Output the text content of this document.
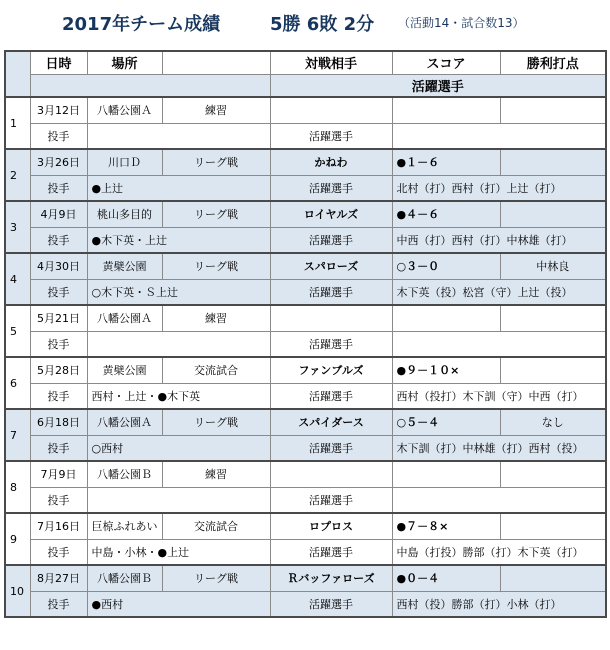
2017年チーム成績	5勝 6敗 2分 （活動14・試合数13）
	日時	場所		対戦相手	スコア	勝利打点
				活躍選手		
1	3月12日	八幡公園Ａ	練習			
	投手			活躍選手		
2	3月26日	川口Ｄ	リーグ戦	かねわ	●１－６	
	投手	●上辻		活躍選手	北村（打）西村（打）上辻（打）	
3	4月9日	桃山多目的	リーグ戦	ロイヤルズ	●４－６	
	投手	●木下英・上辻		活躍選手	中西（打）西村（打）中林雄（打）	
4	4月30日	黄檗公園	リーグ戦	スパローズ	○３－０	中林良
	投手	○木下英・Ｓ上辻		活躍選手	木下英（投）松宮（守）上辻（投）	
5	5月21日	八幡公園Ａ	練習			
	投手			活躍選手		
6	5月28日	黄檗公園	交流試合	ファンブルズ	●９－１０×	
	投手	西村・上辻・●木下英		活躍選手	西村（投打）木下訓（守）中西（打）	
7	6月18日	八幡公園Ａ	リーグ戦	スパイダース	○５－４	なし
	投手	○西村		活躍選手	木下訓（打）中林雄（打）西村（投）	
8	7月9日	八幡公園Ｂ	練習			
	投手			活躍選手		
9	7月16日	巨椋ふれあい	交流試合	ロプロス	●７－８×	
	投手	中島・小林・●上辻		活躍選手	中島（打投）勝部（打）木下英（打）	
10	8月27日	八幡公園Ｂ	リーグ戦	Ｒバッファローズ	●０－４	
	投手	●西村		活躍選手	西村（投）勝部（打）小林（打）	
